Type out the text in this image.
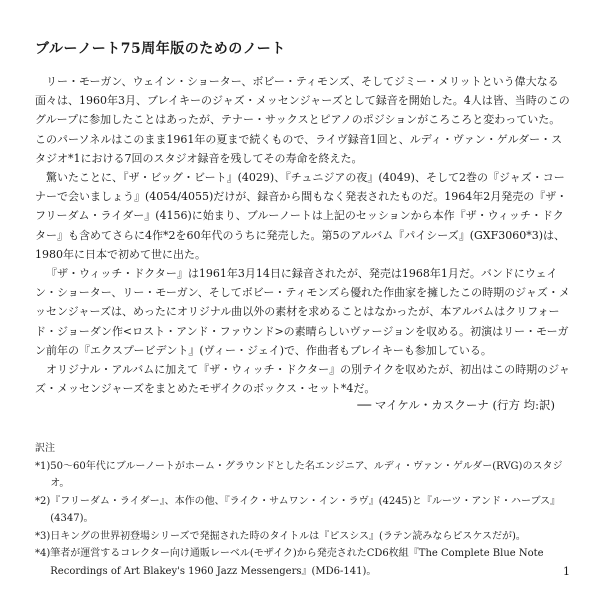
ブルーノート75周年版のためのノート

リー・モーガン、ウェイン・ショーター、ボビー・ティモンズ、そしてジミー・メリットという偉大なる面々は、1960年3月、ブレイキーのジャズ・メッセンジャーズとして録音を開始した。4人は皆、当時のこのグループに参加したことはあったが、テナー・サックスとピアノのポジションがころころと変わっていた。このパーソネルはこのまま1961年の夏まで続くもので、ライヴ録音1回と、ルディ・ヴァン・ゲルダー・スタジオ*1における7回のスタジオ録音を残してその寿命を終えた。

驚いたことに、『ザ・ビッグ・ビート』(4029)、『チュニジアの夜』(4049)、そして2巻の『ジャズ・コーナーで会いましょう』(4054/4055)だけが、録音から間もなく発表されたものだ。1964年2月発売の『ザ・フリーダム・ライダー』(4156)に始まり、ブルーノートは上記のセッションから本作『ザ・ウィッチ・ドクター』も含めてさらに4作*2を60年代のうちに発売した。第5のアルバム『パイシーズ』(GXF3060*3)は、1980年に日本で初めて世に出た。

『ザ・ウィッチ・ドクター』は1961年3月14日に録音されたが、発売は1968年1月だ。バンドにウェイン・ショーター、リー・モーガン、そしてボビー・ティモンズら優れた作曲家を擁したこの時期のジャズ・メッセンジャーズは、めったにオリジナル曲以外の素材を求めることはなかったが、本アルバムはクリフォード・ジョーダン作<ロスト・アンド・ファウンド>の素晴らしいヴァージョンを収める。初演はリー・モーガン前年の『エクスプービデント』(ヴィー・ジェイ)で、作曲者もブレイキーも参加している。

オリジナル・アルバムに加えて『ザ・ウィッチ・ドクター』の別テイクを収めたが、初出はこの時期のジャズ・メッセンジャーズをまとめたモザイクのボックス・セット*4だ。

── マイケル・カスクーナ (行方 均:訳)
訳注
*1) 50〜60年代にブルーノートがホーム・グラウンドとした名エンジニア、ルディ・ヴァン・ゲルダー(RVG)のスタジオ。
*2) 『フリーダム・ライダー』、本作の他、『ライク・サムワン・イン・ラヴ』(4245)と『ルーツ・アンド・ハーブス』(4347)。
*3) 日キングの世界初登場シリーズで発掘された時のタイトルは『ピスシス』(ラテン読みならピスケスだが)。
*4) 筆者が運営するコレクター向け通販レーベル(モザイク)から発売されたCD6枚組『The Complete Blue Note Recordings of Art Blakey's 1960 Jazz Messengers』(MD6-141)。	1
